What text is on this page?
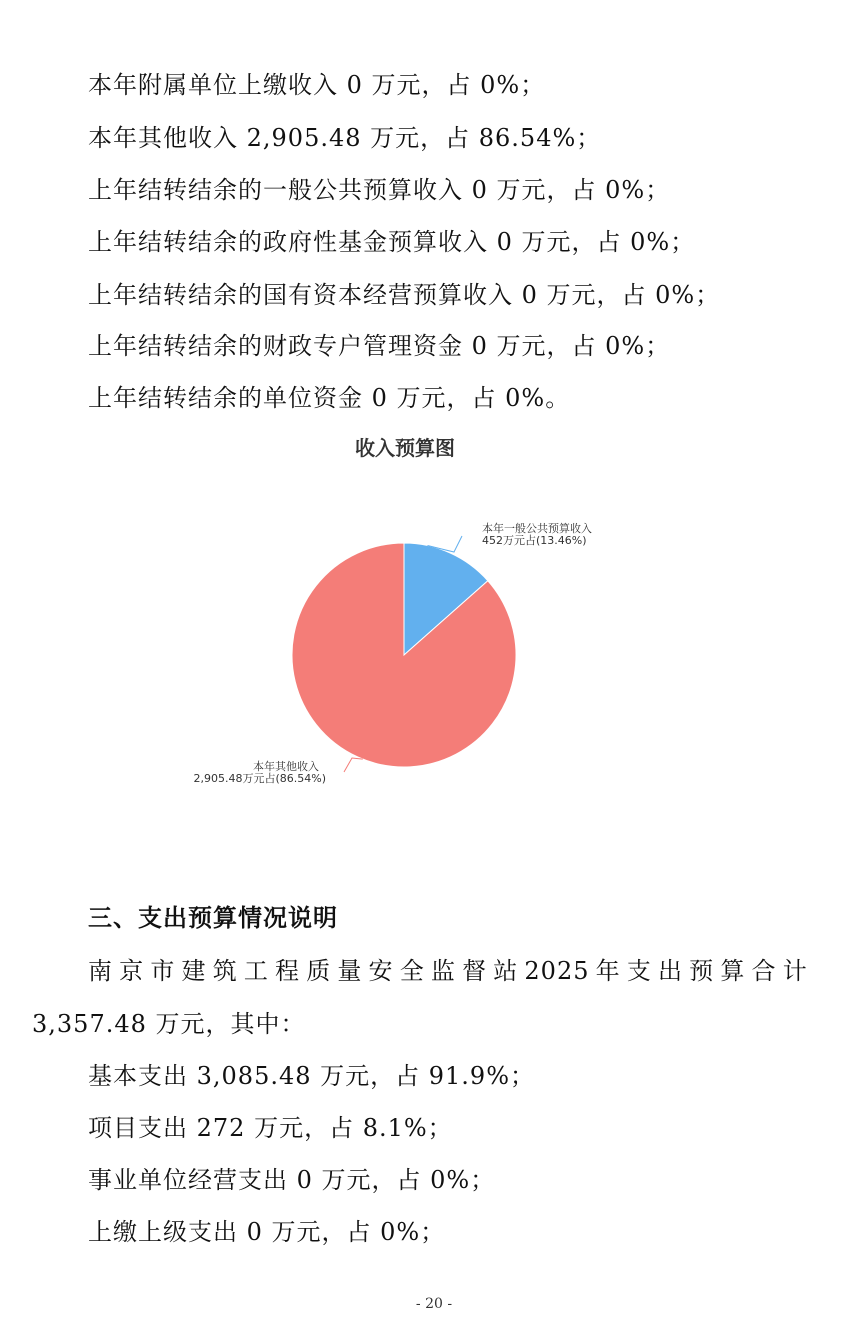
本年附属单位上缴收入 0 万元，占 0%；
本年其他收入 2,905.48 万元，占 86.54%；
上年结转结余的一般公共预算收入 0 万元，占 0%；
上年结转结余的政府性基金预算收入 0 万元，占 0%；
上年结转结余的国有资本经营预算收入 0 万元，占 0%；
上年结转结余的财政专户管理资金 0 万元，占 0%；
上年结转结余的单位资金 0 万元，占 0%。
收入预算图
本年一般公共预算收入
452万元占(13.46%)
本年其他收入
2,905.48万元占(86.54%)
三、支出预算情况说明
南 京 市 建 筑 工 程 质 量 安 全 监 督 站 2025 年 支 出 预 算 合 计
3,357.48 万元，其中：
基本支出 3,085.48 万元，占 91.9%；
项目支出 272 万元，占 8.1%；
事业单位经营支出 0 万元，占 0%；
上缴上级支出 0 万元，占 0%；
- 20 -
